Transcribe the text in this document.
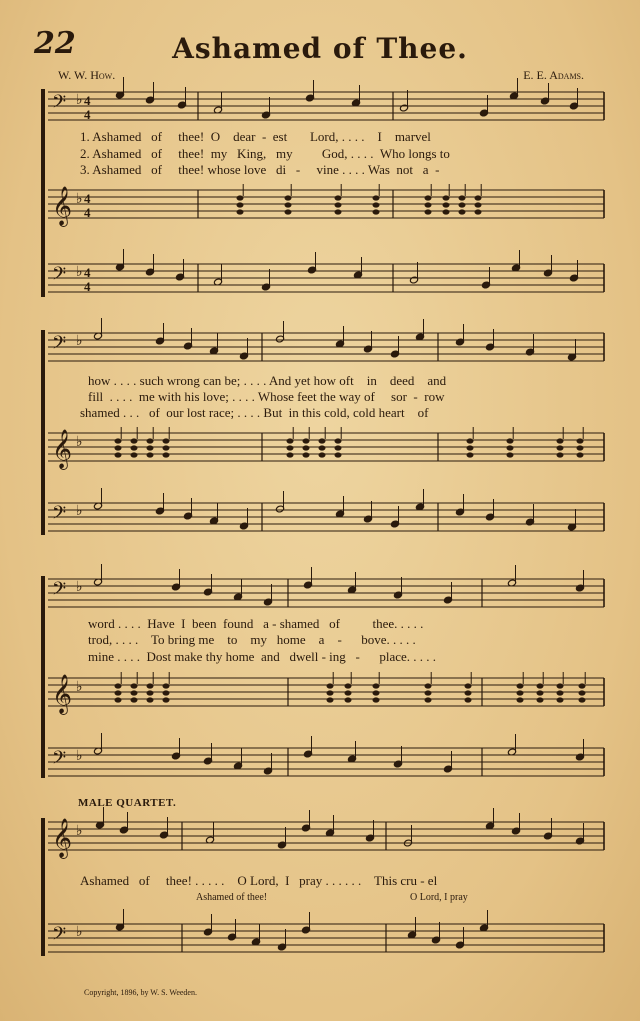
22	Ashamed of Thee.
W. W. How.	E. E. Adams.
1. Ashamed   of     thee!  O    dear  -  est       Lord, . . . .    I    marvel
2. Ashamed   of     thee!  my   King,   my         God, . . . .  Who longs to
3. Ashamed   of     thee! whose love   di   -     vine . . . . Was  not   a  -
how . . . . such wrong can be; . . . . And yet how oft    in    deed    and
fill  . . . .  me with his love; . . . . Whose feet the way of     sor  -  row
shamed . . .   of  our lost race; . . . . But  in this cold, cold heart    of
word . . . .  Have  I  been  found   a - shamed   of          thee. . . . .
trod, . . . .    To bring me    to    my   home    a    -      bove. . . . .
mine . . . .  Dost make thy home  and   dwell - ing   -      place. . . . .
MALE QUARTET.
Ashamed   of     thee! . . . . .    O Lord,  I   pray . . . . . .    This cru - el
Ashamed of thee!	O Lord, I pray
Copyright, 1896, by W. S. Weeden.
𝄢 ♭ 4
4
𝄞 ♭ 4
4
𝄢 ♭ 4
4
𝄢 ♭
𝄞 ♭
𝄢 ♭
𝄢 ♭
𝄞 ♭
𝄢 ♭
𝄞 ♭
𝄢 ♭
